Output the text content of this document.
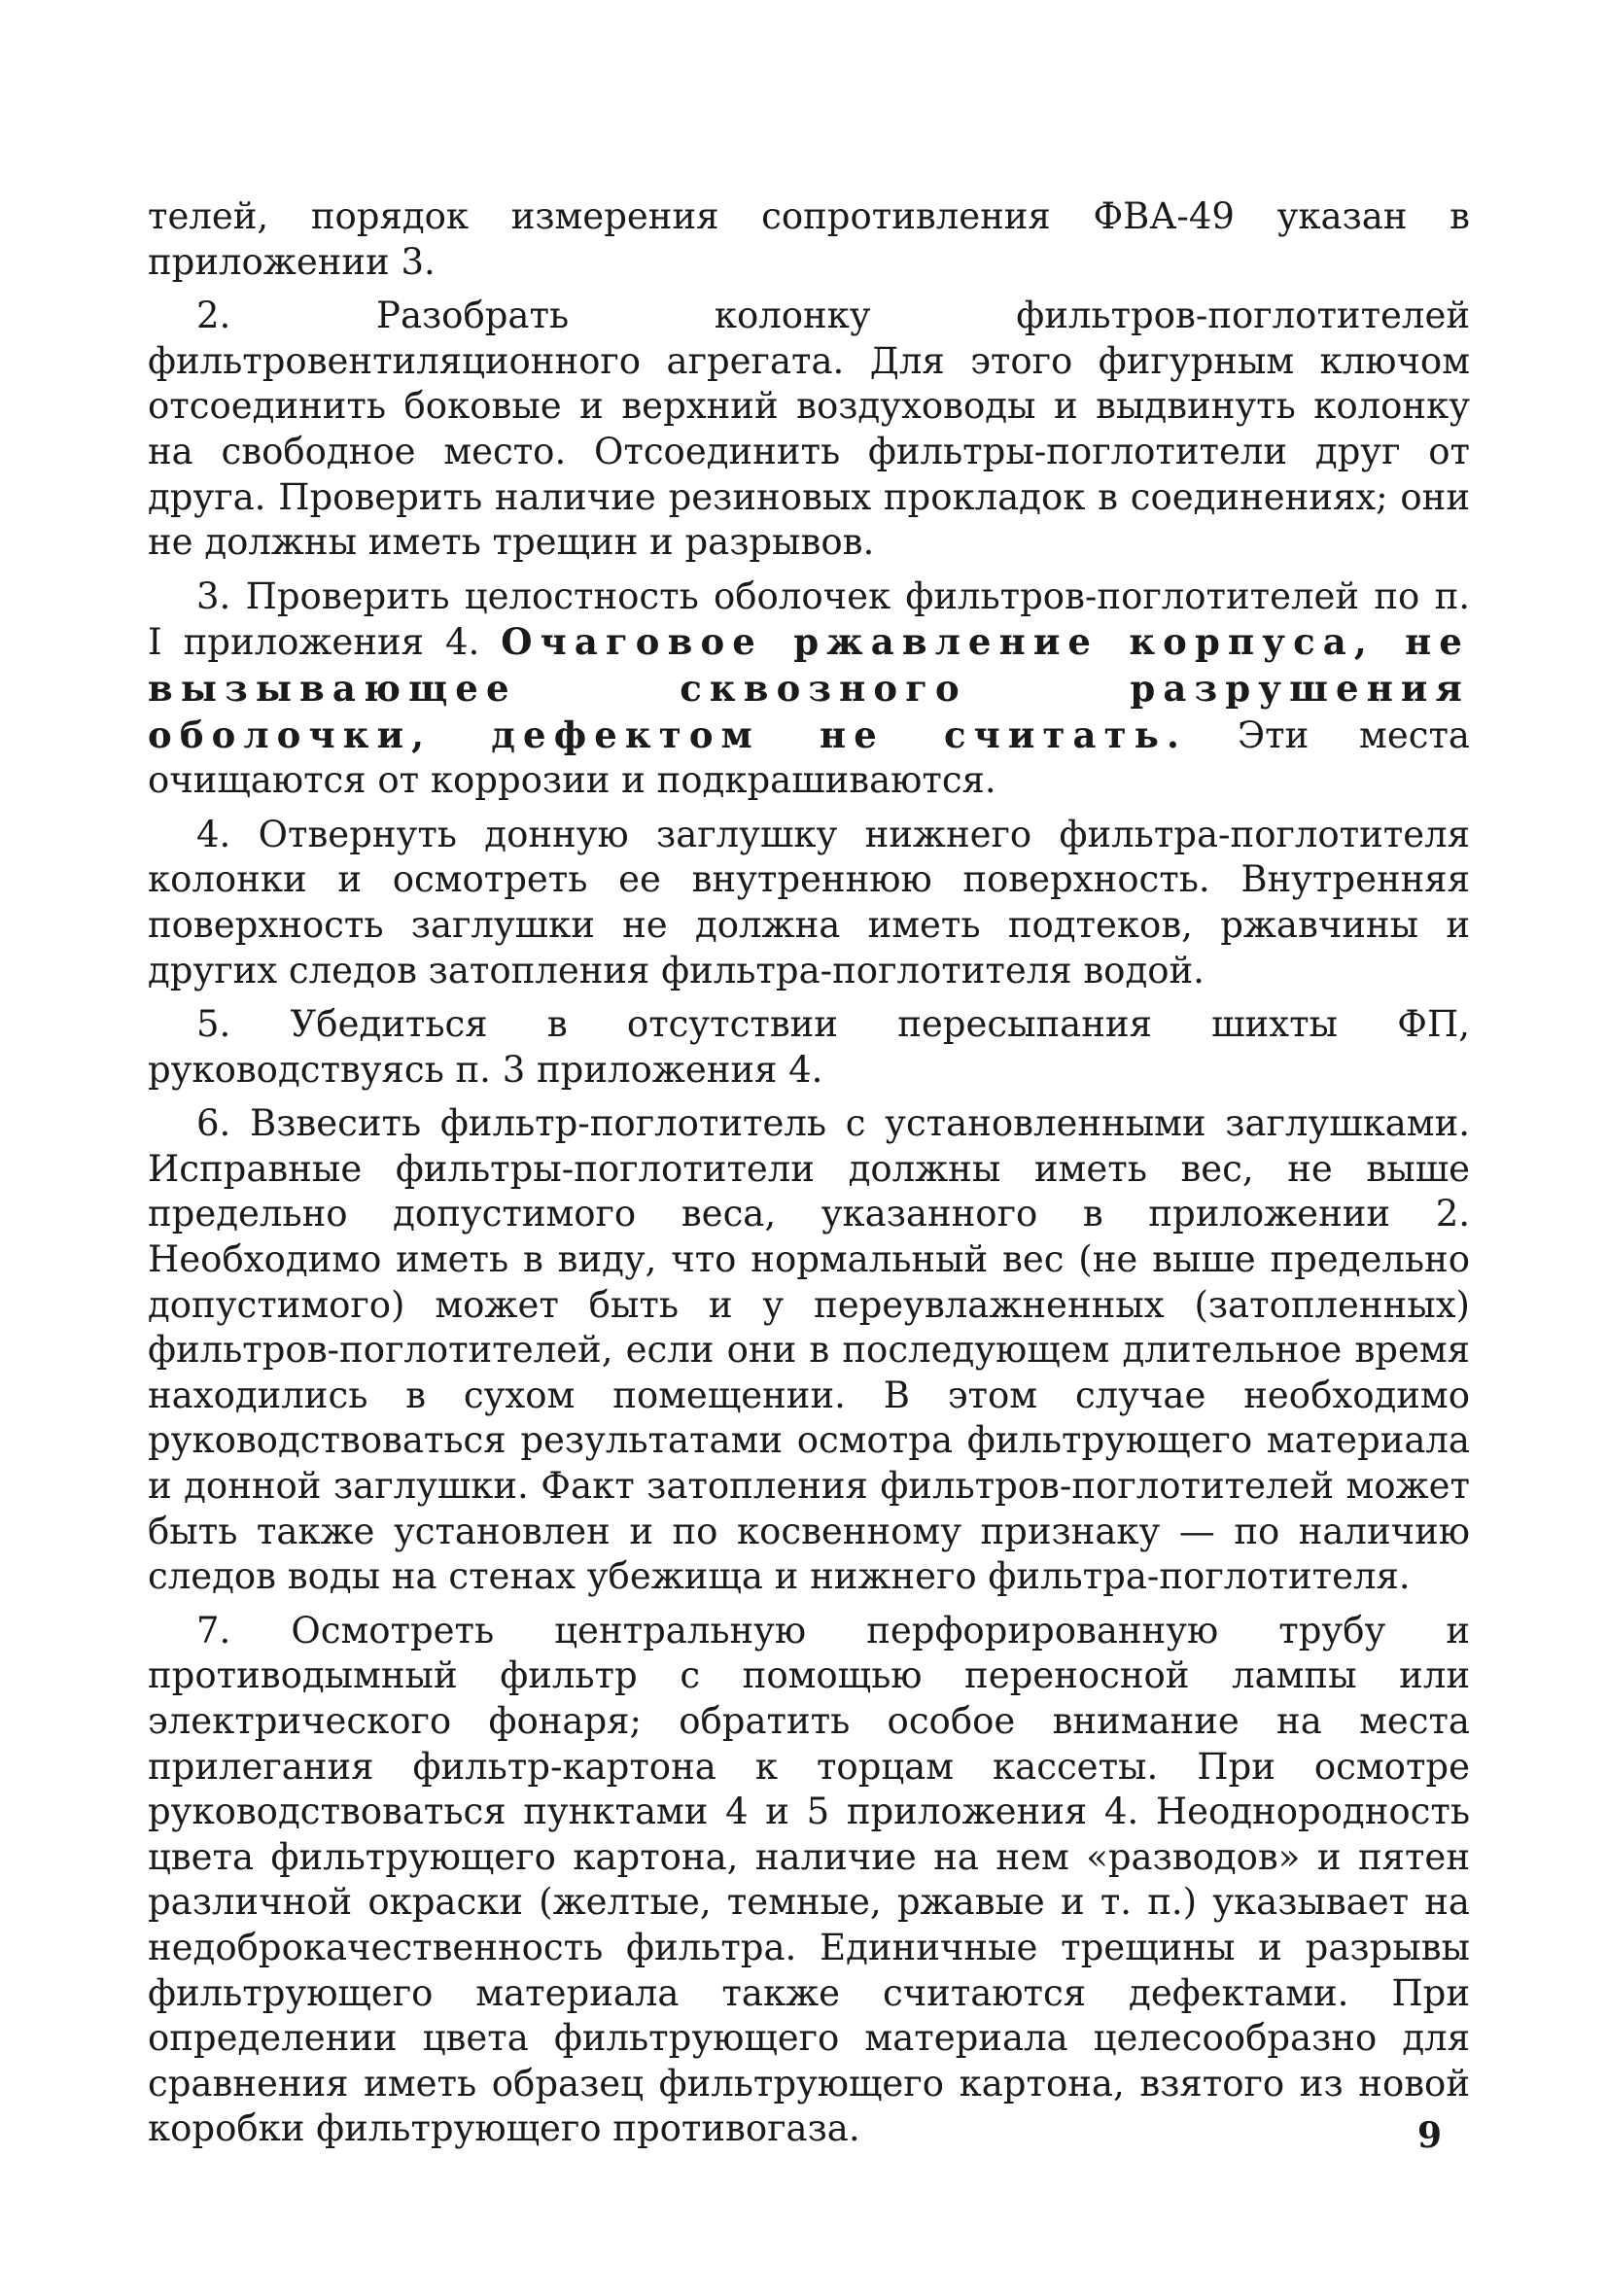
телей, порядок измерения сопротивления ФВА-49 указан в приложении 3.

2. Разобрать колонку фильтров-поглотителей фильтровентиляционного агрегата. Для этого фигурным ключом отсоединить боковые и верхний воздуховоды и выдвинуть колонку на свободное место. Отсоединить фильтры-поглотители друг от друга. Проверить наличие резиновых прокладок в соединениях; они не должны иметь трещин и разрывов.

3. Проверить целостность оболочек фильтров-поглотителей по п. I приложения 4. Очаговое ржавление корпуса, не вызывающее сквозного разрушения оболочки, дефектом не считать. Эти места очищаются от коррозии и подкрашиваются.

4. Отвернуть донную заглушку нижнего фильтра-поглотителя колонки и осмотреть ее внутреннюю поверхность. Внутренняя поверхность заглушки не должна иметь подтеков, ржавчины и других следов затопления фильтра-поглотителя водой.

5. Убедиться в отсутствии пересыпания шихты ФП, руководствуясь п. 3 приложения 4.

6. Взвесить фильтр-поглотитель с установленными заглушками. Исправные фильтры-поглотители должны иметь вес, не выше предельно допустимого веса, указанного в приложении 2. Необходимо иметь в виду, что нормальный вес (не выше предельно допустимого) может быть и у переувлажненных (затопленных) фильтров-поглотителей, если они в последующем длительное время находились в сухом помещении. В этом случае необходимо руководствоваться результатами осмотра фильтрующего материала и донной заглушки. Факт затопления фильтров-поглотителей может быть также установлен и по косвенному признаку — по наличию следов воды на стенах убежища и нижнего фильтра-поглотителя.

7. Осмотреть центральную перфорированную трубу и противодымный фильтр с помощью переносной лампы или электрического фонаря; обратить особое внимание на места прилегания фильтр-картона к торцам кассеты. При осмотре руководствоваться пунктами 4 и 5 приложения 4. Неоднородность цвета фильтрующего картона, наличие на нем «разводов» и пятен различной окраски (желтые, темные, ржавые и т. п.) указывает на недоброкачественность фильтра. Единичные трещины и разрывы фильтрующего материала также считаются дефектами. При определении цвета фильтрующего материала целесообразно для сравнения иметь образец фильтрующего картона, взятого из новой коробки фильтрующего противогаза.	9
